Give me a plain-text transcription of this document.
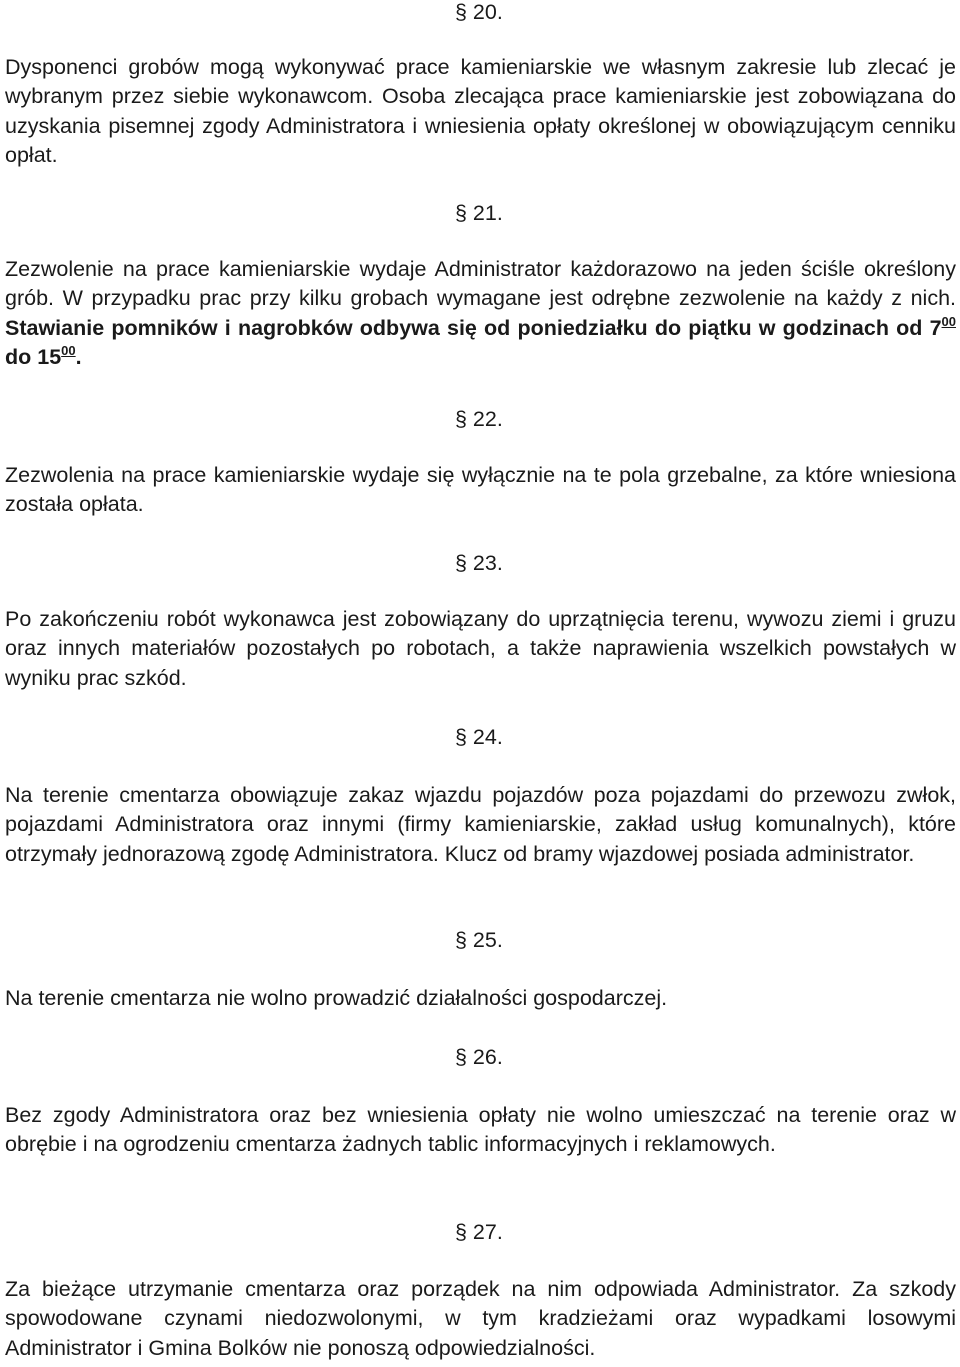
§ 20.

Dysponenci grobów mogą wykonywać prace kamieniarskie we własnym zakresie lub zlecać je wybranym przez siebie wykonawcom. Osoba zlecająca prace kamieniarskie jest zobowiązana do uzyskania pisemnej zgody Administratora i wniesienia opłaty określonej w obowiązującym cenniku opłat.

§ 21.

Zezwolenie na prace kamieniarskie wydaje Administrator każdorazowo na jeden ściśle określony grób. W przypadku prac przy kilku grobach wymagane jest odrębne zezwolenie na każdy z nich. Stawianie pomników i nagrobków odbywa się od poniedziałku do piątku w godzinach od $7^{00}$ do $15^{00}$.

§ 22.

Zezwolenia na prace kamieniarskie wydaje się wyłącznie na te pola grzebalne, za które wniesiona została opłata.

§ 23.

Po zakończeniu robót wykonawca jest zobowiązany do uprzątnięcia terenu, wywozu ziemi i gruzu oraz innych materiałów pozostałych po robotach, a także naprawienia wszelkich powstałych w wyniku prac szkód.

§ 24.

Na terenie cmentarza obowiązuje zakaz wjazdu pojazdów poza pojazdami do przewozu zwłok, pojazdami Administratora oraz innymi (firmy kamieniarskie, zakład usług komunalnych), które otrzymały jednorazową zgodę Administratora. Klucz od bramy wjazdowej posiada administrator.

§ 25.

Na terenie cmentarza nie wolno prowadzić działalności gospodarczej.

§ 26.

Bez zgody Administratora oraz bez wniesienia opłaty nie wolno umieszczać na terenie oraz w obrębie i na ogrodzeniu cmentarza żadnych tablic informacyjnych i reklamowych.

§ 27.

Za bieżące utrzymanie cmentarza oraz porządek na nim odpowiada Administrator. Za szkody spowodowane czynami niedozwolonymi, w tym kradzieżami oraz wypadkami losowymi Administrator i Gmina Bolków nie ponoszą odpowiedzialności.
